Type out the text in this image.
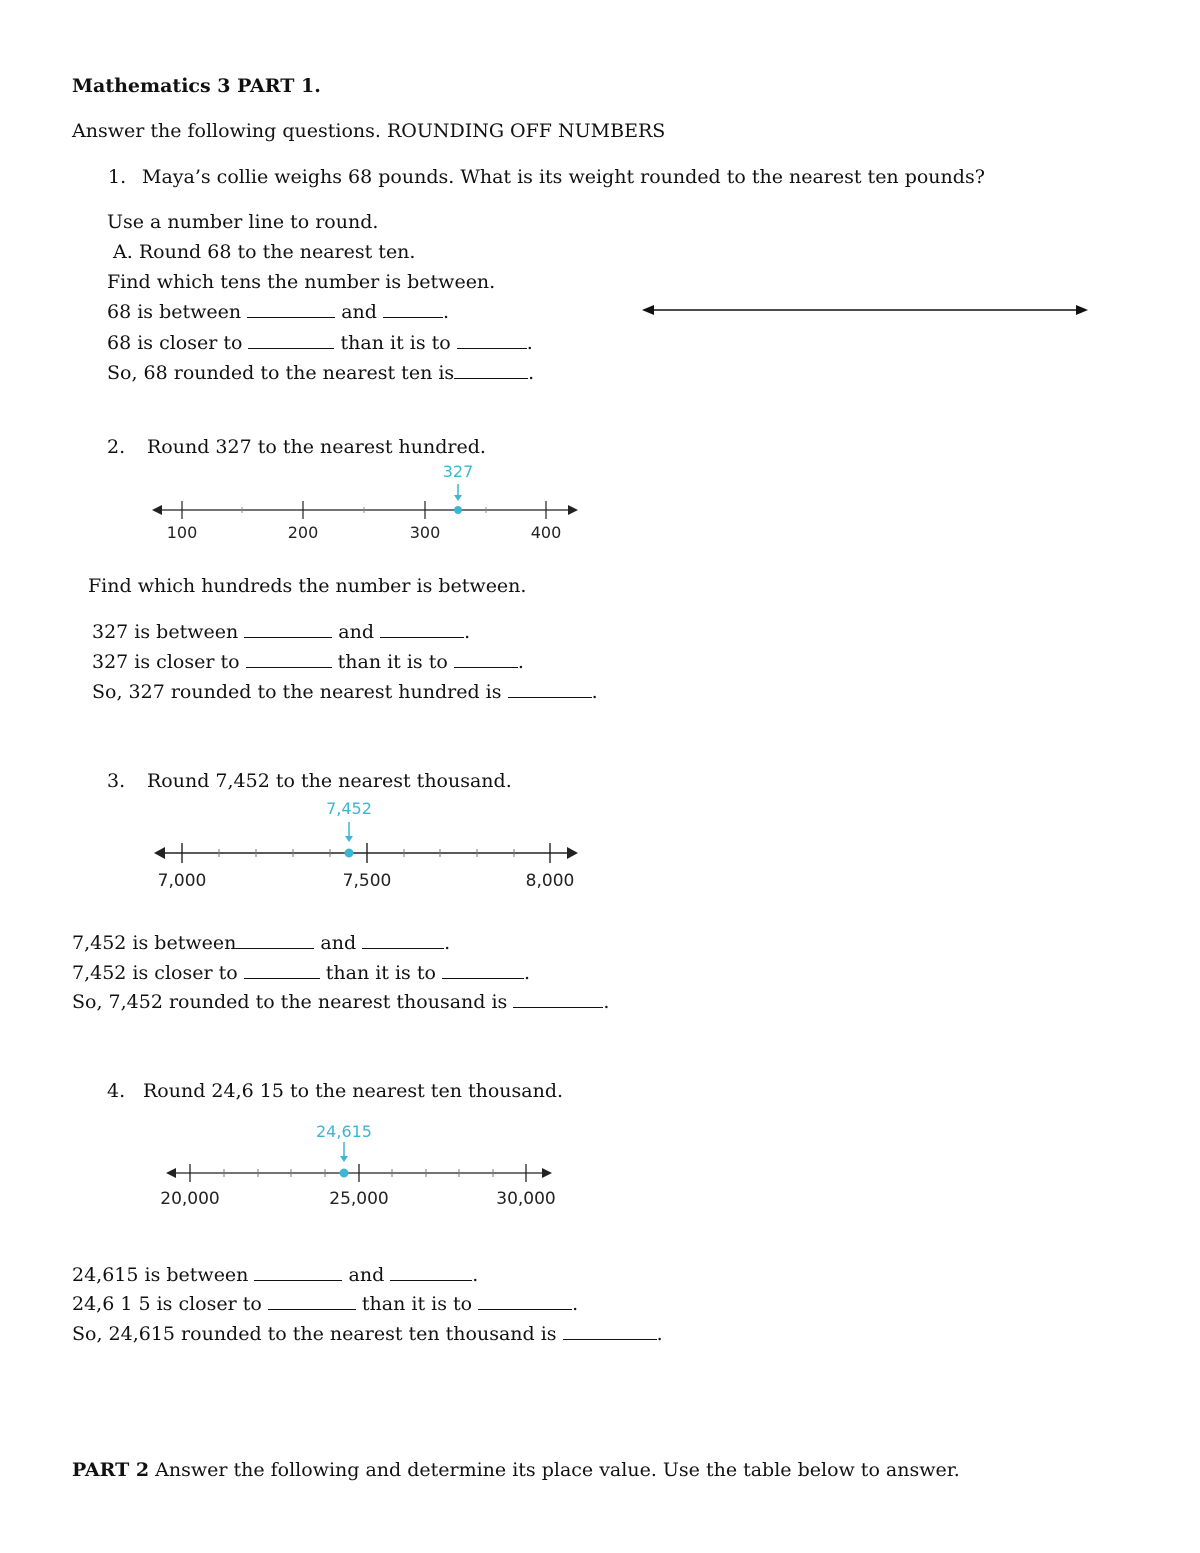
Mathematics 3 PART 1.
Answer the following questions. ROUNDING OFF NUMBERS
1. Maya’s collie weighs 68 pounds. What is its weight rounded to the nearest ten pounds?
Use a number line to round.
A. Round 68 to the nearest ten.
Find which tens the number is between.
68 is between	and	.
68 is closer to	than it is to	.
So, 68 rounded to the nearest ten is	.
2. Round 327 to the nearest hundred.
327
100	200	300	400
Find which hundreds the number is between.
327 is between	and	.
327 is closer to	than it is to	.
So, 327 rounded to the nearest hundred is	.
3. Round 7,452 to the nearest thousand.
7,452
7,000	7,500	8,000
7,452 is between	and	.
7,452 is closer to	than it is to	.
So, 7,452 rounded to the nearest thousand is	.
4. Round 24,6 15 to the nearest ten thousand.
24,615
20,000	25,000	30,000
24,615 is between	and	.
24,6 1 5 is closer to	than it is to	.
So, 24,615 rounded to the nearest ten thousand is	.
PART 2 Answer the following and determine its place value. Use the table below to answer.
